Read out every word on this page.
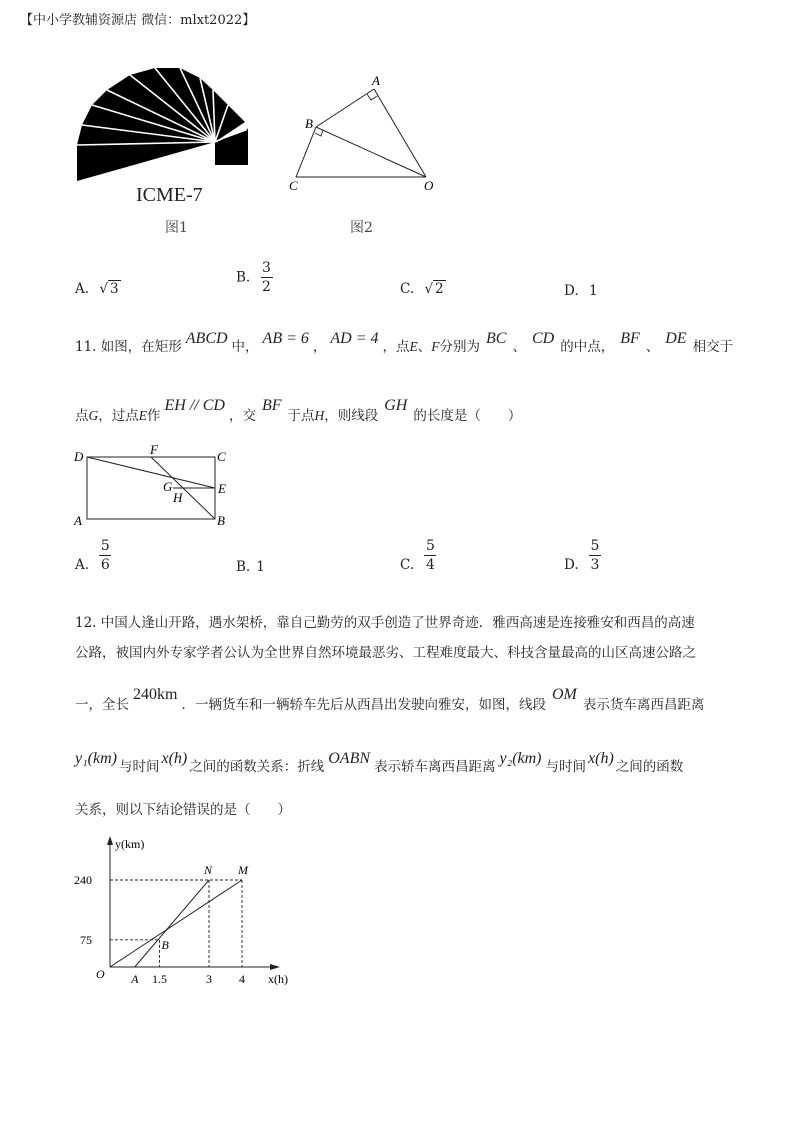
【中小学教辅资源店 微信：mlxt2022】
ICME-7
图1
A
B
C	O
图2
A. √ 3
B. $\frac{3}{2}$	C. √ 2	D. 1
11. 如图，在矩形 ABCD 中， AB = 6 ， AD = 4 ，点E、F分别为 BC 、 CD 的中点， BF 、 DE 相交于
点G，过点E作EH // CD，交BF于点H，则线段GH的长度是（　　）
D	F	C
G	E
H
A	B
A. $\frac{5}{6}$	B. 1	C. $\frac{5}{4}$	D. $\frac{5}{3}$
12. 中国人逢山开路，遇水架桥，靠自己勤劳的双手创造了世界奇迹．雅西高速是连接雅安和西昌的高速
公路，被国内外专家学者公认为全世界自然环境最恶劣、工程难度最大、科技含量最高的山区高速公路之
一，全长240km．一辆货车和一辆轿车先后从西昌出发驶向雅安，如图，线段OM表示货车离西昌距离
y₁(km) 与时间 x(h) 之间的函数关系：折线 OABN 表示轿车离西昌距离 y₂(km) 与时间 x(h) 之间的函数
关系，则以下结论错误的是（　　）
y(km)
x(h)
O
240
75
A 1.5	3 4
N M
B
